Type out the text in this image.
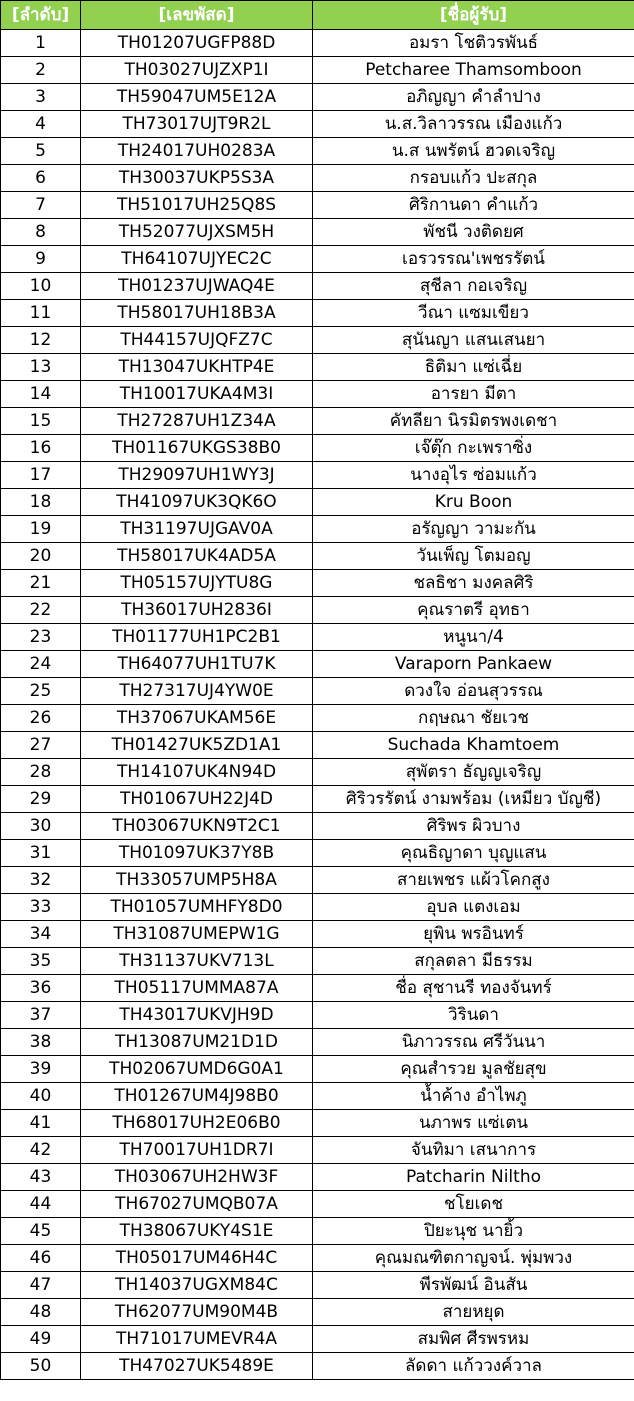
[ลำดับ]	[เลขพัสด]	[ชื่อผู้รับ]
1	TH01207UGFP88D	อมรา โชติวรพันธ์
2	TH03027UJZXP1I	Petcharee Thamsomboon
3	TH59047UM5E12A	อภิญญา คำลำปาง
4	TH73017UJT9R2L	น.ส.วิลาวรรณ เมืองแก้ว
5	TH24017UH0283A	น.ส นพรัตน์ ฮวดเจริญ
6	TH30037UKP5S3A	กรอบแก้ว ปะสกุล
7	TH51017UH25Q8S	ศิริกานดา คำแก้ว
8	TH52077UJXSM5H	พัชนี วงติดยศ
9	TH64107UJYEC2C	เอรวรรณ'เพชรรัตน์
10	TH01237UJWAQ4E	สุชีลา กอเจริญ
11	TH58017UH18B3A	วีณา แซมเขียว
12	TH44157UJQFZ7C	สุนันญา แสนเสนยา
13	TH13047UKHTP4E	ธิติมา แซ่เฉี่ย
14	TH10017UKA4M3I	อารยา มีตา
15	TH27287UH1Z34A	คัทลียา นิรมิตรพงเดชา
16	TH01167UKGS38B0	เจ๊ตุ๊ก กะเพราซิ่ง
17	TH29097UH1WY3J	นางอุไร ซ่อมแก้ว
18	TH41097UK3QK6O	Kru Boon
19	TH31197UJGAV0A	อรัญญา วามะกัน
20	TH58017UK4AD5A	วันเพ็ญ โตมอญ
21	TH05157UJYTU8G	ชลธิชา มงคลศิริ
22	TH36017UH2836I	คุณราตรี อุทธา
23	TH01177UH1PC2B1	หนูนา/4
24	TH64077UH1TU7K	Varaporn Pankaew
25	TH27317UJ4YW0E	ดวงใจ อ่อนสุวรรณ
26	TH37067UKAM56E	กฤษณา ชัยเวช
27	TH01427UK5ZD1A1	Suchada Khamtoem
28	TH14107UK4N94D	สุพัตรา ธัญญเจริญ
29	TH01067UH22J4D	ศิริวรรัตน์ งามพร้อม (เหมียว บัญชี)
30	TH03067UKN9T2C1	ศิริพร ผิวบาง
31	TH01097UK37Y8B	คุณธิญาดา บุญแสน
32	TH33057UMP5H8A	สายเพชร แผ้วโคกสูง
33	TH01057UMHFY8D0	อุบล แตงเอม
34	TH31087UMEPW1G	ยุพิน พรอินทร์
35	TH31137UKV713L	สกุลตลา มีธรรม
36	TH05117UMMA87A	ชื่อ สุชานรี ทองจันทร์
37	TH43017UKVJH9D	วิรินดา
38	TH13087UM21D1D	นิภาวรรณ ศรีวันนา
39	TH02067UMD6G0A1	คุณสำรวย มูลชัยสุข
40	TH01267UM4J98B0	น้ำค้าง อำไพภู
41	TH68017UH2E06B0	นภาพร แซ่เตน
42	TH70017UH1DR7I	จันทิมา เสนาการ
43	TH03067UH2HW3F	Patcharin Niltho
44	TH67027UMQB07A	ชโยเดช
45	TH38067UKY4S1E	ปิยะนุช นายิ้ว
46	TH05017UM46H4C	คุณมณฑิตกาญจน์. พุ่มพวง
47	TH14037UGXM84C	พีรพัฒน์ อินสัน
48	TH62077UM90M4B	สายหยุด
49	TH71017UMEVR4A	สมพิศ ศีรพรหม
50	TH47027UK5489E	ลัดดา แก้ววงค์วาล
